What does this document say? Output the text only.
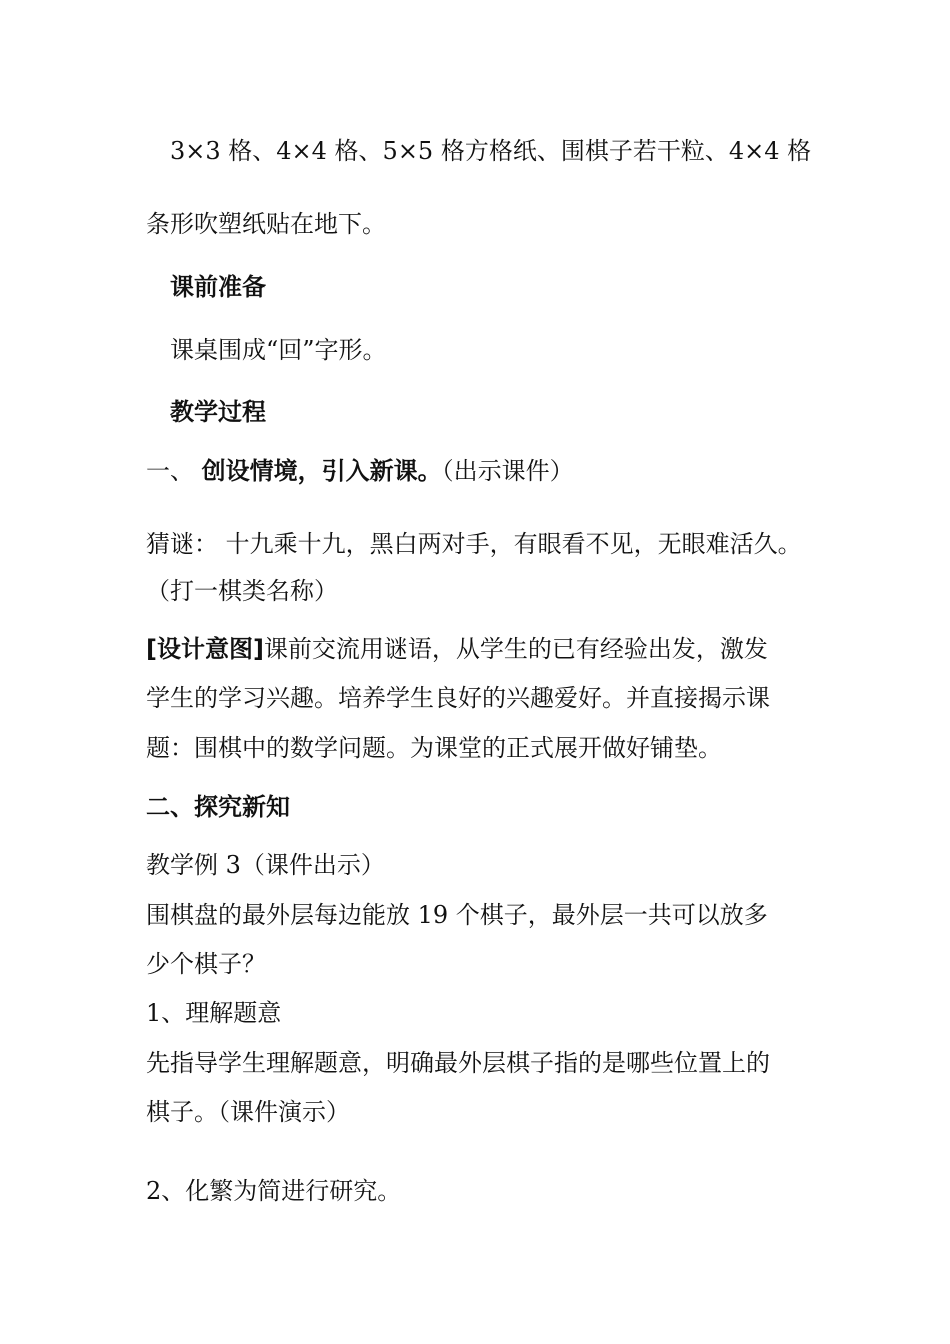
3×3 格、4×4 格、5×5 格方格纸、围棋子若干粒、4×4 格
条形吹塑纸贴在地下。
课前准备
课桌围成“回”字形。
教学过程
一、 创设情境，引入新课。（出示课件）
猜谜： 十九乘十九，黑白两对手，有眼看不见，无眼难活久。
（打一棋类名称）
[设计意图]课前交流用谜语，从学生的已有经验出发，激发
学生的学习兴趣。培养学生良好的兴趣爱好。并直接揭示课
题：围棋中的数学问题。为课堂的正式展开做好铺垫。
二、探究新知
教学例 3（课件出示）
围棋盘的最外层每边能放 19 个棋子，最外层一共可以放多
少个棋子？
1、理解题意
先指导学生理解题意，明确最外层棋子指的是哪些位置上的
棋子。（课件演示）
2、化繁为简进行研究。
